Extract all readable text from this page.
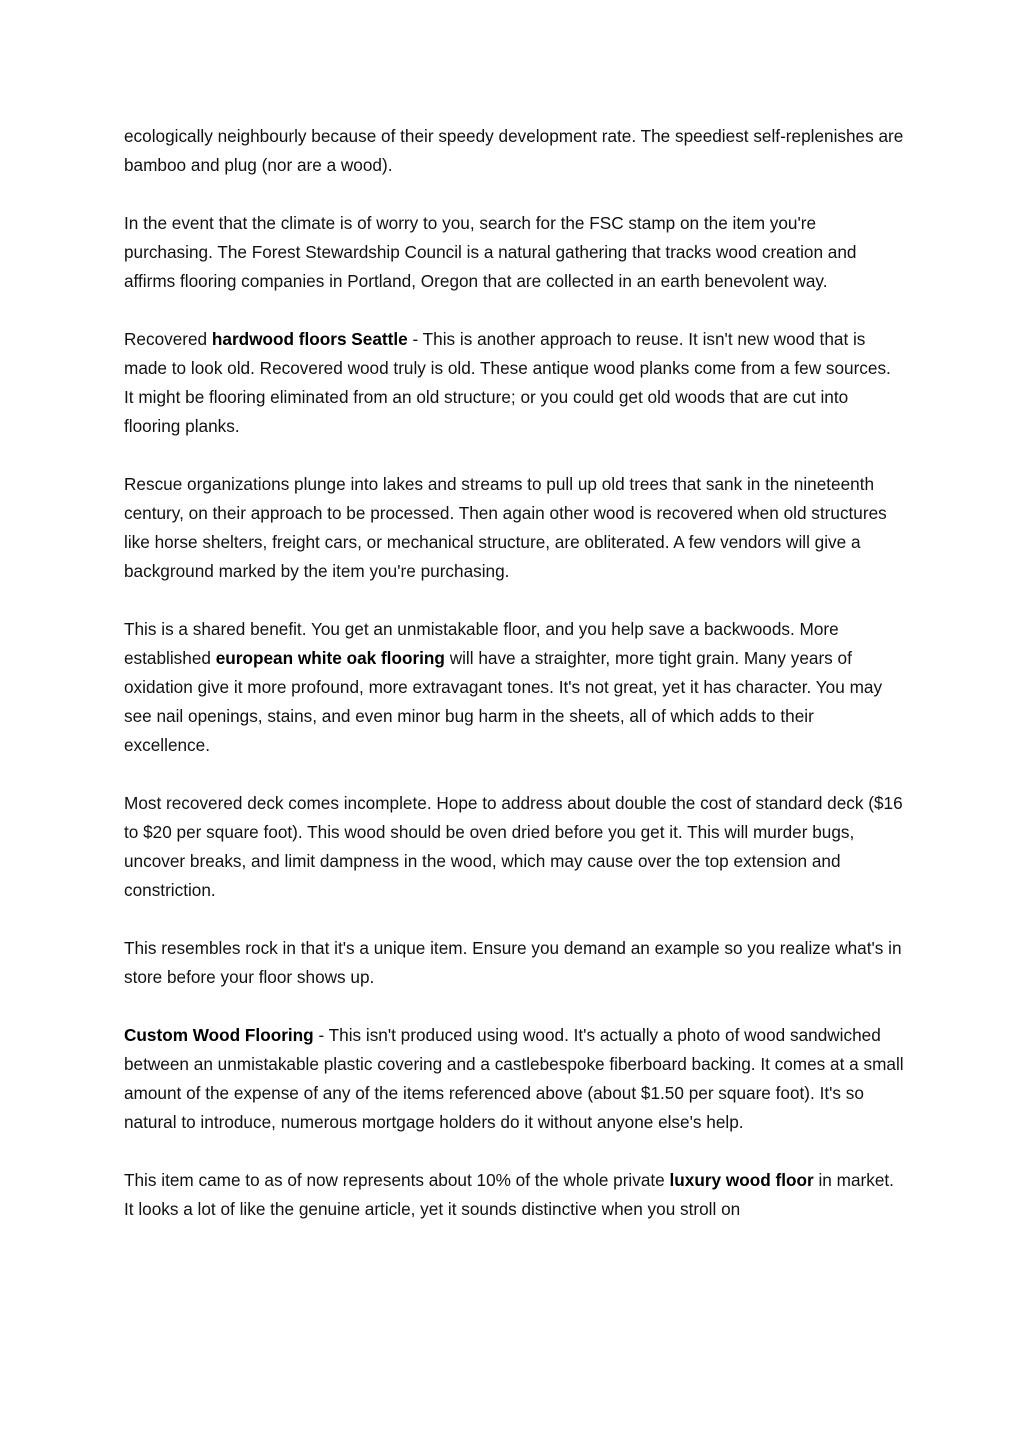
ecologically neighbourly because of their speedy development rate. The speediest self-replenishes are bamboo and plug (nor are a wood).

In the event that the climate is of worry to you, search for the FSC stamp on the item you're purchasing. The Forest Stewardship Council is a natural gathering that tracks wood creation and affirms flooring companies in Portland, Oregon that are collected in an earth benevolent way.

Recovered hardwood floors Seattle - This is another approach to reuse. It isn't new wood that is made to look old. Recovered wood truly is old. These antique wood planks come from a few sources. It might be flooring eliminated from an old structure; or you could get old woods that are cut into flooring planks.

Rescue organizations plunge into lakes and streams to pull up old trees that sank in the nineteenth century, on their approach to be processed. Then again other wood is recovered when old structures like horse shelters, freight cars, or mechanical structure, are obliterated. A few vendors will give a background marked by the item you're purchasing.

This is a shared benefit. You get an unmistakable floor, and you help save a backwoods. More established european white oak flooring will have a straighter, more tight grain. Many years of oxidation give it more profound, more extravagant tones. It's not great, yet it has character. You may see nail openings, stains, and even minor bug harm in the sheets, all of which adds to their excellence.

Most recovered deck comes incomplete. Hope to address about double the cost of standard deck ($16 to $20 per square foot). This wood should be oven dried before you get it. This will murder bugs, uncover breaks, and limit dampness in the wood, which may cause over the top extension and constriction.

This resembles rock in that it's a unique item. Ensure you demand an example so you realize what's in store before your floor shows up.

Custom Wood Flooring - This isn't produced using wood. It's actually a photo of wood sandwiched between an unmistakable plastic covering and a castlebespoke fiberboard backing. It comes at a small amount of the expense of any of the items referenced above (about $1.50 per square foot). It's so natural to introduce, numerous mortgage holders do it without anyone else's help.

This item came to as of now represents about 10% of the whole private luxury wood floor in market. It looks a lot of like the genuine article, yet it sounds distinctive when you stroll on
